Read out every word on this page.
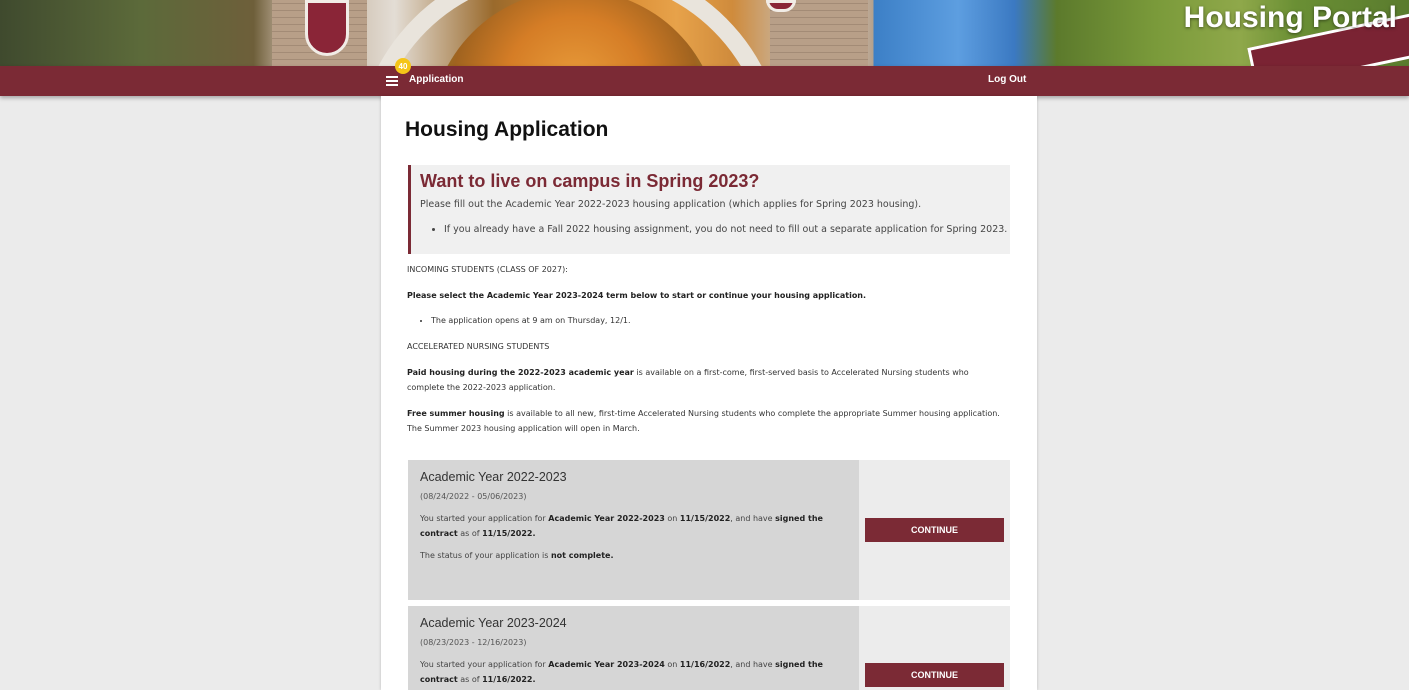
Housing Portal
40
Application	Log Out
Housing Application
Want to live on campus in Spring 2023?
Please fill out the Academic Year 2022-2023 housing application (which applies for Spring 2023 housing).
If you already have a Fall 2022 housing assignment, you do not need to fill out a separate application for Spring 2023.
INCOMING STUDENTS (CLASS OF 2027):
Please select the Academic Year 2023-2024 term below to start or continue your housing application.
The application opens at 9 am on Thursday, 12/1.
ACCELERATED NURSING STUDENTS
Paid housing during the 2022-2023 academic year is available on a first-come, first-served basis to Accelerated Nursing students who complete the 2022-2023 application.
Free summer housing is available to all new, first-time Accelerated Nursing students who complete the appropriate Summer housing application. The Summer 2023 housing application will open in March.
Academic Year 2022-2023
(08/24/2022 - 05/06/2023)
You started your application for Academic Year 2022-2023 on 11/15/2022, and have signed the contract as of 11/15/2022.
The status of your application is not complete.
CONTINUE
Academic Year 2023-2024
(08/23/2023 - 12/16/2023)
You started your application for Academic Year 2023-2024 on 11/16/2022, and have signed the contract as of 11/16/2022.	CONTINUE
